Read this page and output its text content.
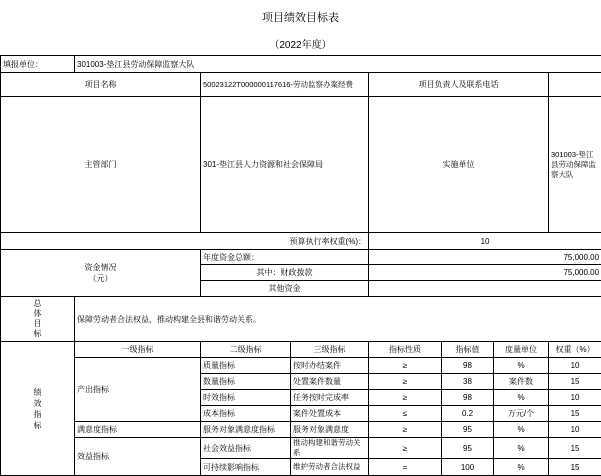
项目绩效目标表
（2022年度）
填报单位：	301003-垫江县劳动保障监察大队						
项目名称		50023122T000000117616-劳动监察办案经费		项目负责人及联系电话			
主管部门		301-垫江县人力资源和社会保障局		实施单位			301003-垫江县劳动保障监察大队
预算执行率权重(%)：				10			
资金情况
（元）		年度资金总额：		75,000.00			
		其中：财政拨款		75,000.00			
		其他资金					

总体目标	保障劳动者合法权益，推动构建全县和谐劳动关系。						

绩效指标	一级指标	二级指标	三级指标	指标性质	指标值	度量单位	权重（%）
	产出指标	质量指标	按时办结案件	≥	98	%	10
		数量指标	处置案件数量	≥	38	案件数	15
		时效指标	任务按时完成率	≥	98	%	10
		成本指标	案件处置成本	≤	0.2	万元/个	15
	满意度指标	服务对象满意度指标	服务对象满意度	≥	95	%	10
	效益指标	社会效益指标	推动构建和谐劳动关系	≥	95	%	15
		可持续影响指标	维护劳动者合法权益	=	100	%	15
